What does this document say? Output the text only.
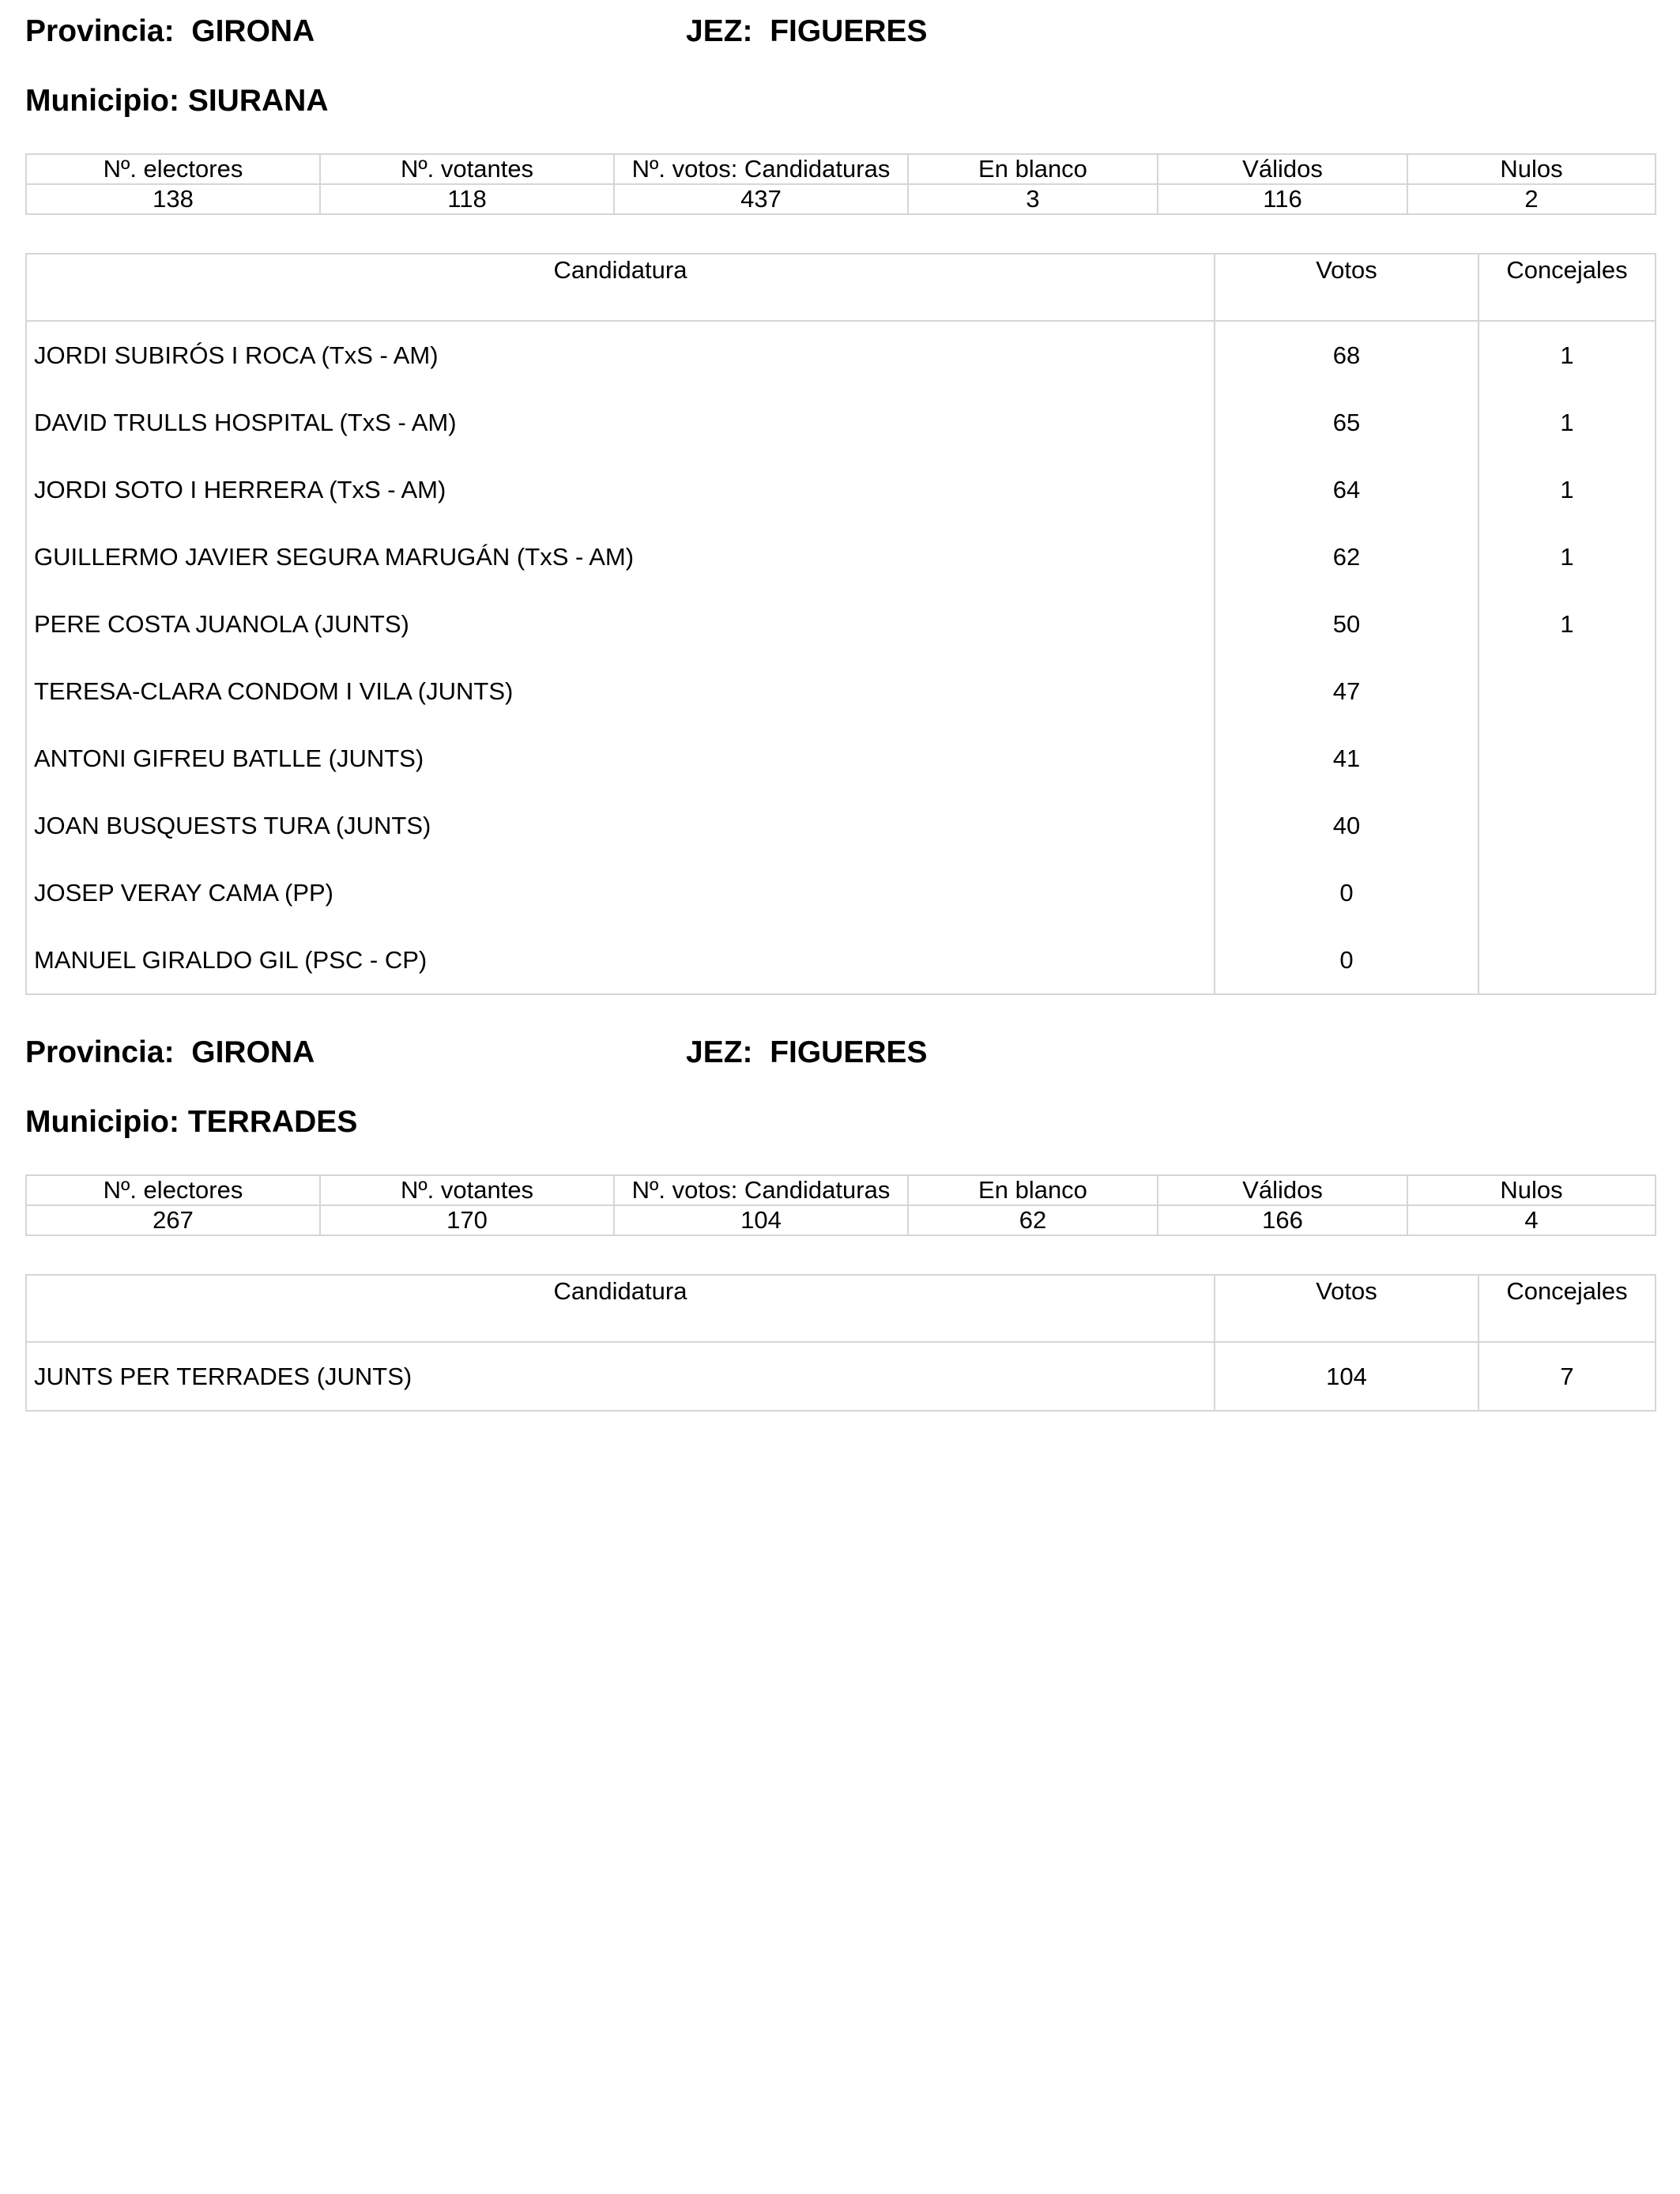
Provincia: GIRONA	JEZ: FIGUERES
Municipio: SIURANA
Nº. electores	Nº. votantes	Nº. votos: Candidaturas	En blanco	Válidos	Nulos
138	118	437	3	116	2
Candidatura	Votos	Concejales
JORDI SUBIRÓS I ROCA (TxS - AM)	68	1
DAVID TRULLS HOSPITAL (TxS - AM)	65	1
JORDI SOTO I HERRERA (TxS - AM)	64	1
GUILLERMO JAVIER SEGURA MARUGÁN (TxS - AM)	62	1
PERE COSTA JUANOLA (JUNTS)	50	1
TERESA-CLARA CONDOM I VILA (JUNTS)	47	
ANTONI GIFREU BATLLE (JUNTS)	41	
JOAN BUSQUESTS TURA (JUNTS)	40	
JOSEP VERAY CAMA (PP)	0	
MANUEL GIRALDO GIL (PSC - CP)	0	
Provincia: GIRONA	JEZ: FIGUERES
Municipio: TERRADES
Nº. electores	Nº. votantes	Nº. votos: Candidaturas	En blanco	Válidos	Nulos
267	170	104	62	166	4
Candidatura	Votos	Concejales
JUNTS PER TERRADES (JUNTS)	104	7
